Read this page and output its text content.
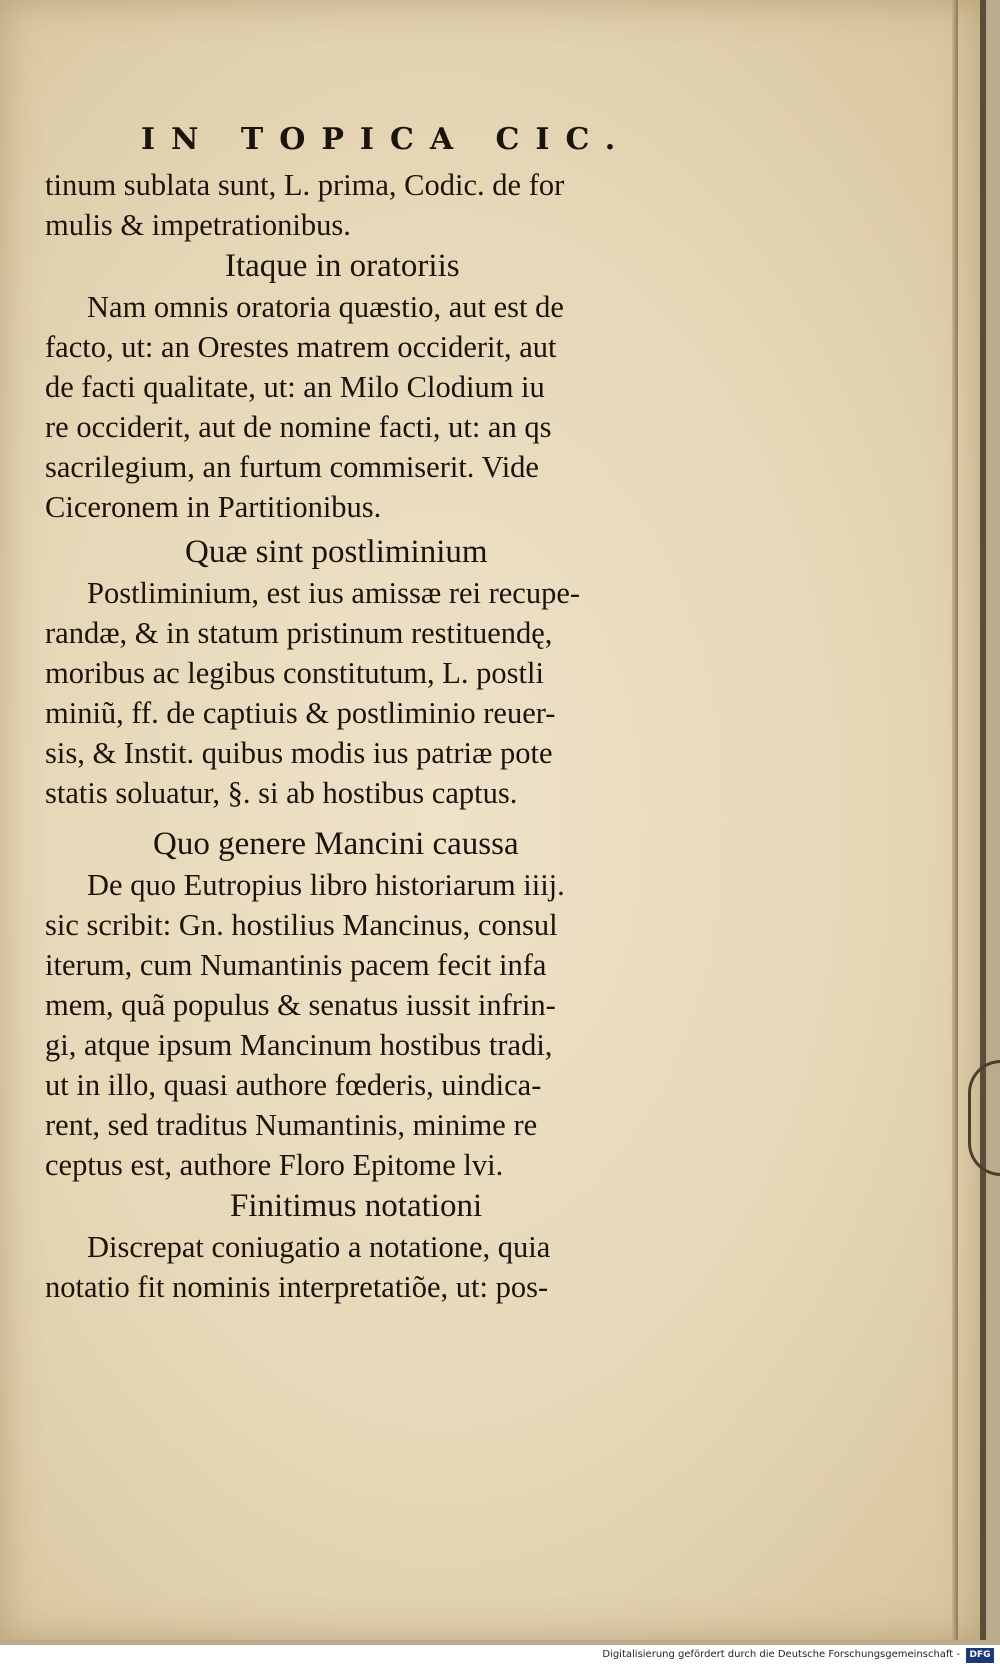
IN TOPICA CIC.
tinum sublata sunt, L. prima, Codic. de for
mulis & impetrationibus.
Itaque in oratoriis
Nam omnis oratoria quæstio, aut est de
facto, ut: an Orestes matrem occiderit, aut
de facti qualitate, ut: an Milo Clodium iu
re occiderit, aut de nomine facti, ut: an qs
sacrilegium, an furtum commiserit. Vide
Ciceronem in Partitionibus.
Quæ sint postliminium
Postliminium, est ius amissæ rei recupe-
randæ, & in statum pristinum restituendę,
moribus ac legibus constitutum, L. postli
miniũ, ff. de captiuis & postliminio reuer-
sis, & Instit. quibus modis ius patriæ pote
statis soluatur, §. si ab hostibus captus.
Quo genere Mancini caussa
De quo Eutropius libro historiarum iiij.
sic scribit: Gn. hostilius Mancinus, consul
iterum, cum Numantinis pacem fecit infa
mem, quã populus & senatus iussit infrin-
gi, atque ipsum Mancinum hostibus tradi,
ut in illo, quasi authore fœderis, uindica-
rent, sed traditus Numantinis, minime re
ceptus est, authore Floro Epitome lvi.
Finitimus notationi
Discrepat coniugatio a notatione, quia
notatio fit nominis interpretatiõe, ut: pos-
Digitalisierung gefördert durch die Deutsche Forschungsgemeinschaft -	DFG
